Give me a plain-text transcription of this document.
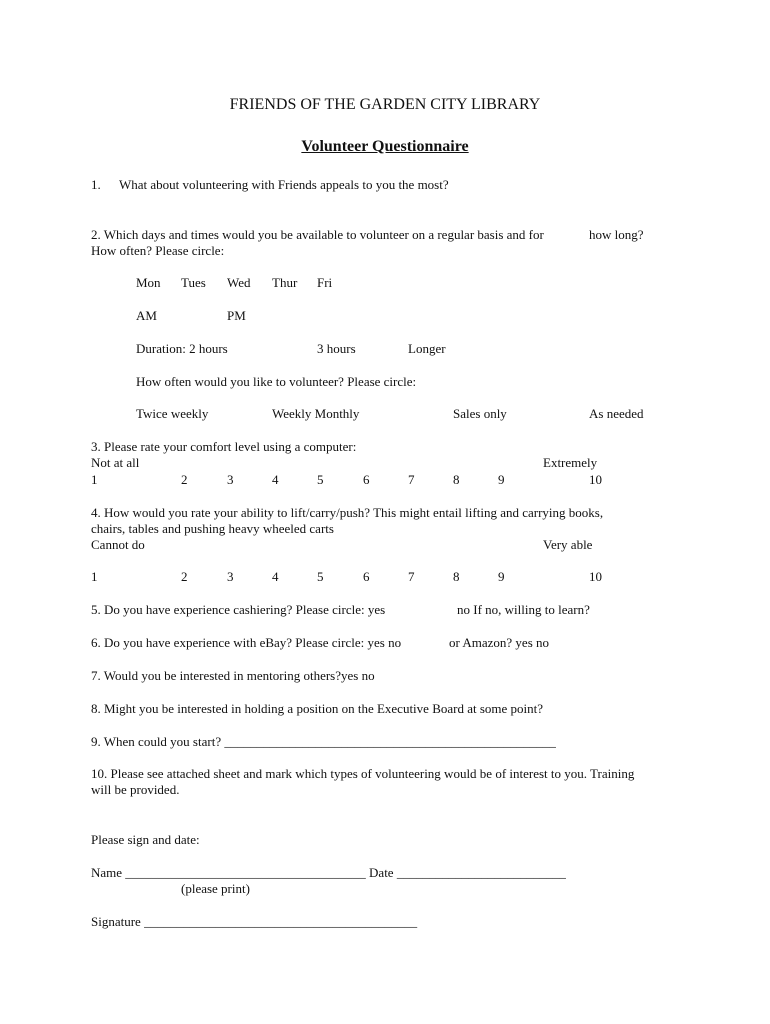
FRIENDS OF THE GARDEN CITY LIBRARY
Volunteer Questionnaire
1. What about volunteering with Friends appeals to you the most?
2. Which days and times would you be available to volunteer on a regular basis and for	how long?
How often? Please circle:
Mon Tues Wed Thur Fri
AM	PM
Duration: 2 hours	3 hours	Longer
How often would you like to volunteer? Please circle:
Twice weekly	Weekly Monthly	Sales only	As needed
3. Please rate your comfort level using a computer:
Not at all	Extremely
1	2	3	4	5	6	7	8	9	10
4. How would you rate your ability to lift/carry/push? This might entail lifting and carrying books,
chairs, tables and pushing heavy wheeled carts
Cannot do	Very able
1	2	3	4	5	6	7	8	9	10
5. Do you have experience cashiering? Please circle: yes	no If no, willing to learn?
6. Do you have experience with eBay? Please circle: yes no	or Amazon? yes no
7. Would you be interested in mentoring others?yes no
8. Might you be interested in holding a position on the Executive Board at some point?
9. When could you start? ___________________________________________________
10. Please see attached sheet and mark which types of volunteering would be of interest to you. Training
will be provided.
Please sign and date:
Name _____________________________________ Date __________________________
(please print)
Signature __________________________________________
